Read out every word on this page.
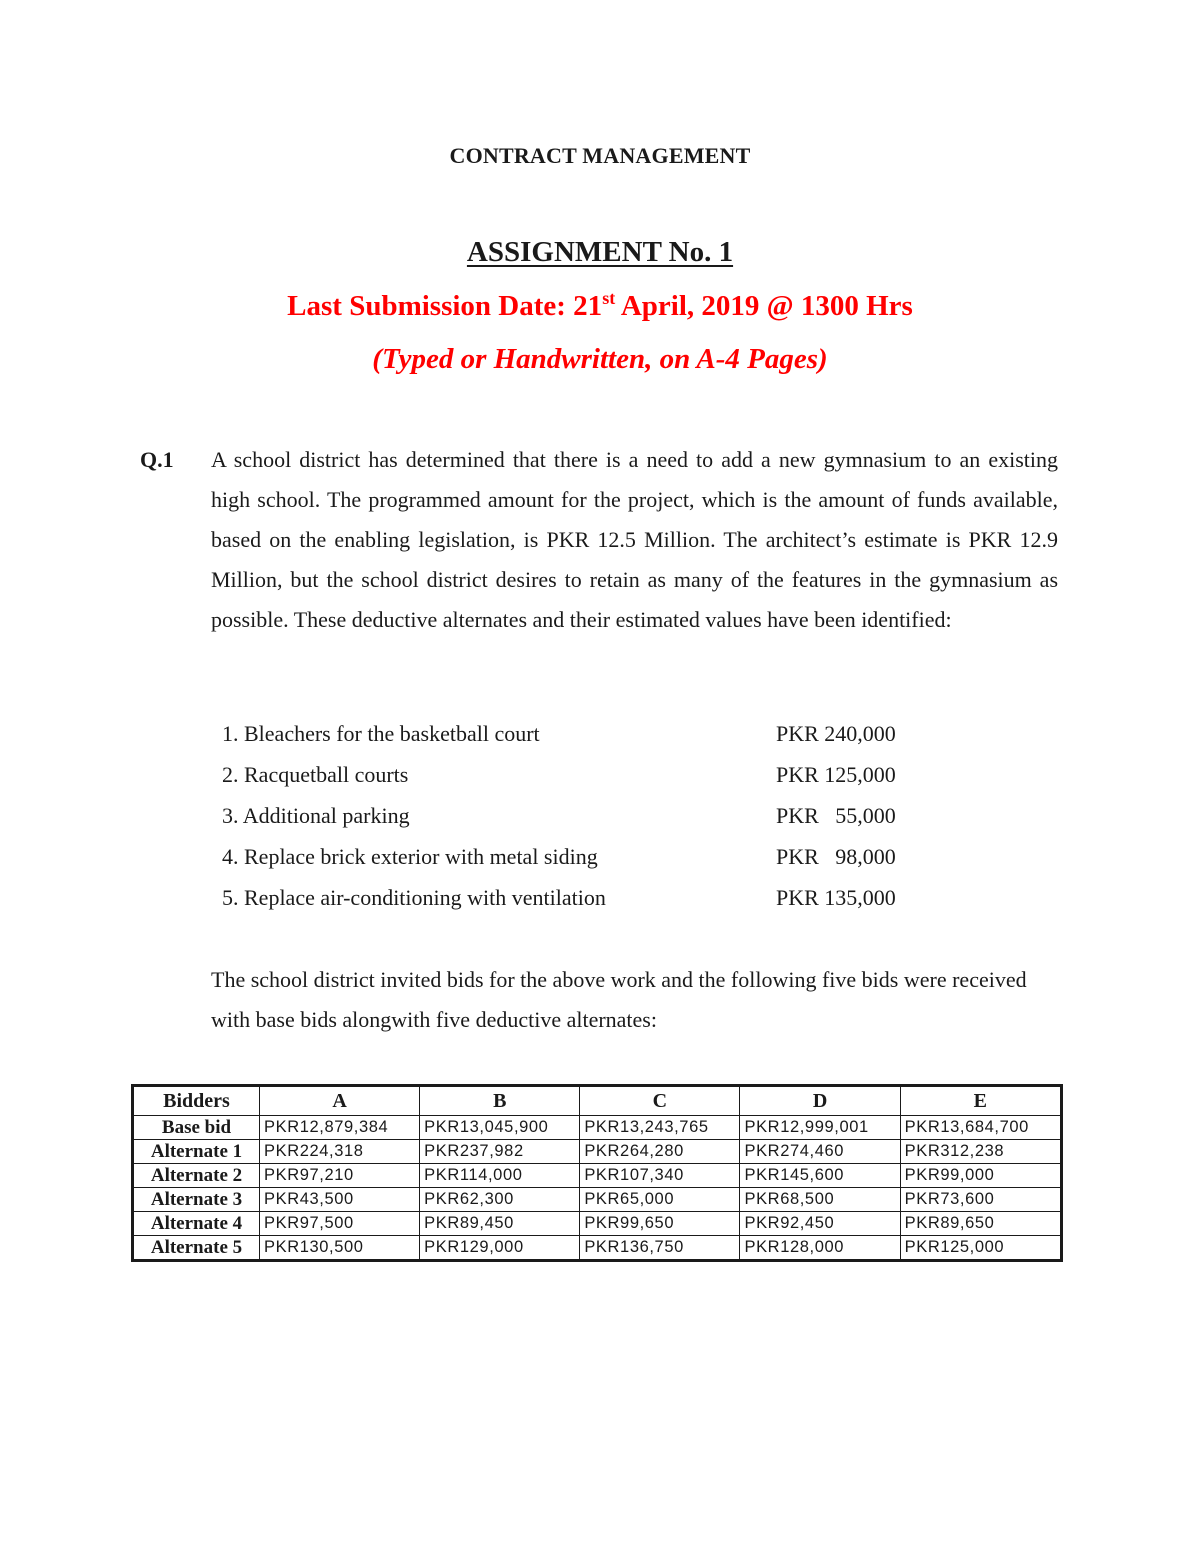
CONTRACT MANAGEMENT
ASSIGNMENT No. 1
Last Submission Date: 21st April, 2019 @ 1300 Hrs
(Typed or Handwritten, on A-4 Pages)
Q.1 A school district has determined that there is a need to add a new gymnasium to an existing high school. The programmed amount for the project, which is the amount of funds available, based on the enabling legislation, is PKR 12.5 Million. The architect’s estimate is PKR 12.9 Million, but the school district desires to retain as many of the features in the gymnasium as possible. These deductive alternates and their estimated values have been identified:
1. Bleachers for the basketball court	PKR 240,000
2. Racquetball courts	PKR 125,000
3. Additional parking	PKR   55,000
4. Replace brick exterior with metal siding	PKR   98,000
5. Replace air-conditioning with ventilation	PKR 135,000
The school district invited bids for the above work and the following five bids were received with base bids alongwith five deductive alternates:
Bidders	A	B	C	D	E
Base bid	PKR12,879,384	PKR13,045,900	PKR13,243,765	PKR12,999,001	PKR13,684,700
Alternate 1	PKR224,318	PKR237,982	PKR264,280	PKR274,460	PKR312,238
Alternate 2	PKR97,210	PKR114,000	PKR107,340	PKR145,600	PKR99,000
Alternate 3	PKR43,500	PKR62,300	PKR65,000	PKR68,500	PKR73,600
Alternate 4	PKR97,500	PKR89,450	PKR99,650	PKR92,450	PKR89,650
Alternate 5	PKR130,500	PKR129,000	PKR136,750	PKR128,000	PKR125,000
